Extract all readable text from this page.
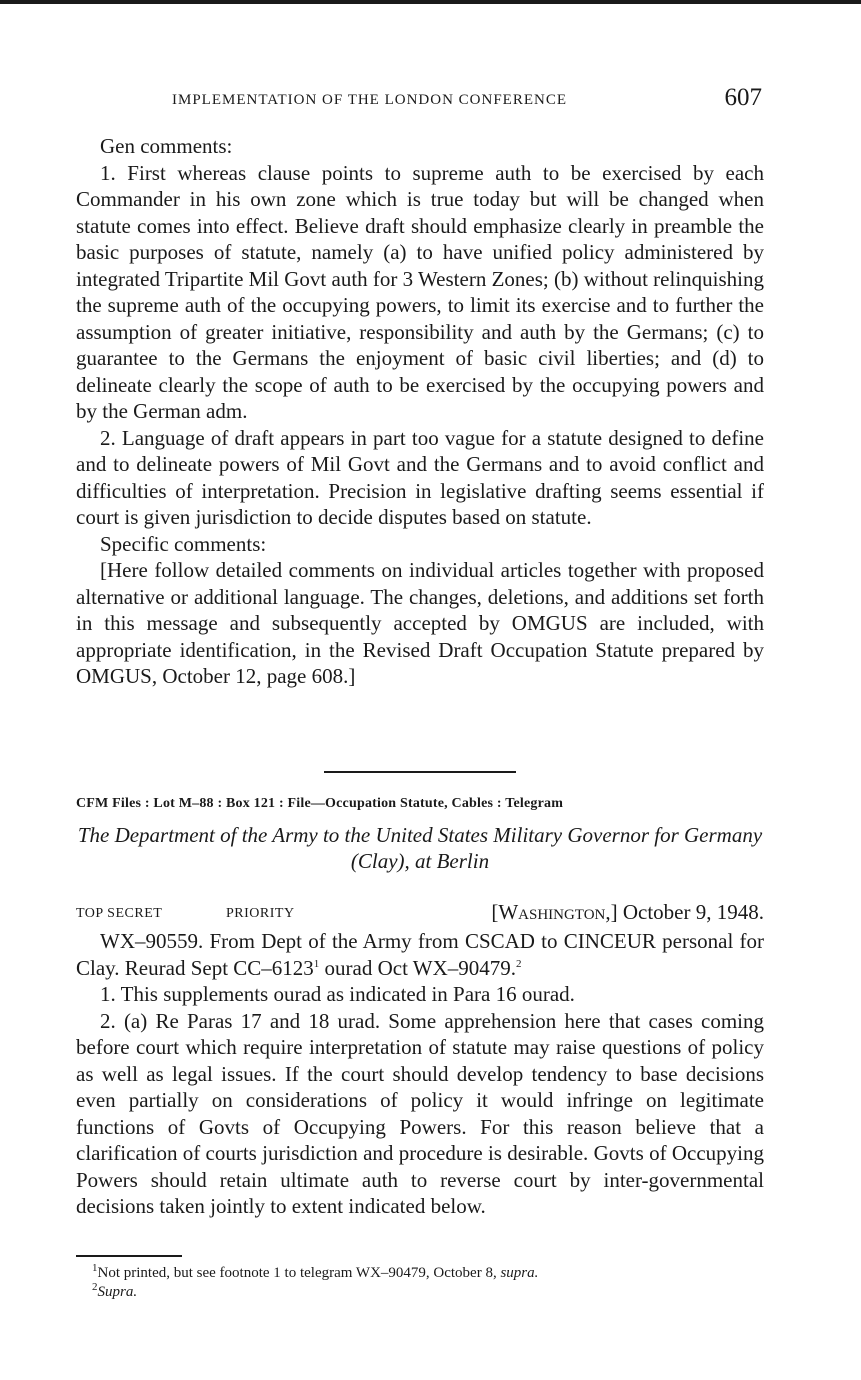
IMPLEMENTATION OF THE LONDON CONFERENCE	607

Gen comments:

1. First whereas clause points to supreme auth to be exercised by each Commander in his own zone which is true today but will be changed when statute comes into effect. Believe draft should emphasize clearly in preamble the basic purposes of statute, namely (a) to have unified policy administered by integrated Tripartite Mil Govt auth for 3 Western Zones; (b) without relinquishing the supreme auth of the occupying powers, to limit its exercise and to further the assumption of greater initiative, responsibility and auth by the Germans; (c) to guarantee to the Germans the enjoyment of basic civil liberties; and (d) to delineate clearly the scope of auth to be exercised by the occupying powers and by the German adm.

2. Language of draft appears in part too vague for a statute designed to define and to delineate powers of Mil Govt and the Germans and to avoid conflict and difficulties of interpretation. Precision in legislative drafting seems essential if court is given jurisdiction to decide disputes based on statute.

Specific comments:

[Here follow detailed comments on individual articles together with proposed alternative or additional language. The changes, deletions, and additions set forth in this message and subsequently accepted by OMGUS are included, with appropriate identification, in the Revised Draft Occupation Statute prepared by OMGUS, October 12, page 608.]

CFM Files : Lot M–88 : Box 121 : File—Occupation Statute, Cables : Telegram
The Department of the Army to the United States Military Governor for Germany (Clay), at Berlin
TOP SECRET	PRIORITY	[Washington,] October 9, 1948.

WX–90559. From Dept of the Army from CSCAD to CINCEUR personal for Clay. Reurad Sept CC–6123$^1$ ourad Oct WX–90479.$^2$

1. This supplements ourad as indicated in Para 16 ourad.

2. (a) Re Paras 17 and 18 urad. Some apprehension here that cases coming before court which require interpretation of statute may raise questions of policy as well as legal issues. If the court should develop tendency to base decisions even partially on considerations of policy it would infringe on legitimate functions of Govts of Occupying Powers. For this reason believe that a clarification of courts jurisdiction and procedure is desirable. Govts of Occupying Powers should retain ultimate auth to reverse court by inter-governmental decisions taken jointly to extent indicated below.

$^1$Not printed, but see footnote 1 to telegram WX–90479, October 8, supra.

$^2$Supra.
